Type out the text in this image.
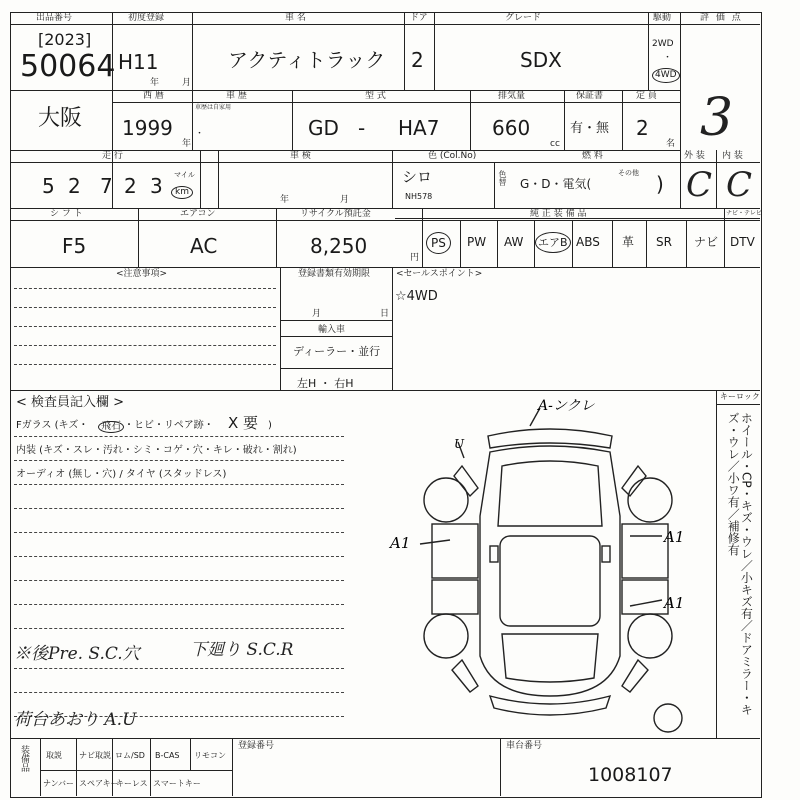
出品番号
[2023]
50064
初度登録
H11
年	月
車 名
アクティトラック
ドア
2
グレード
SDX
駆動
2WD
・
4WD
評 価 点
3
大阪
西 暦
1999
年
車 歴
車歴は自家用
・
型 式
GD - HA7
排気量
660
cc
保証書
有・無
定 員
2
名
走 行
5 2 7 2 3 マイル
km
車 検
年	月
色 (Col.No)
シロ
NH578
色替
燃 料
G・D・電気(
その他 )
外 装
C
内 装
C
シ フ ト
F5
エアコン
AC
リサイクル預託金
8,250	円
純 正 装 備 品	ナビ・テレビ
PS	PW AW エアB ABS 革 SR ナビ DTV
<注意事項>	登録書類有効期限
月	日
輸入車
ディーラー・並行
左H ・ 右H
<セールスポイント>
☆4WD
< 検査員記入欄 >
Fガラス (キズ・	飛石 ・ヒビ・リペア跡・ X 要 )
内装 (キズ・スレ・汚れ・シミ・コゲ・穴・キレ・破れ・割れ)
オーディオ (無し・穴) / タイヤ (スタッドレス)
※後Pre. S.C.穴	下廻り S.C.R
荷台あおり A.U
A-ンクレ
A1	A1
A1
U
キーロック
ホイール・CP・キズ・ウレ／小キズ有／ドアミラー・キズ・ウレ／小ワ有／補修有
装備品 取説 ナビ取説 ロム/SD B-CAS リモコン
ナンバー スペアキー
キーレス スマートキー
登録番号	車台番号
1008107
